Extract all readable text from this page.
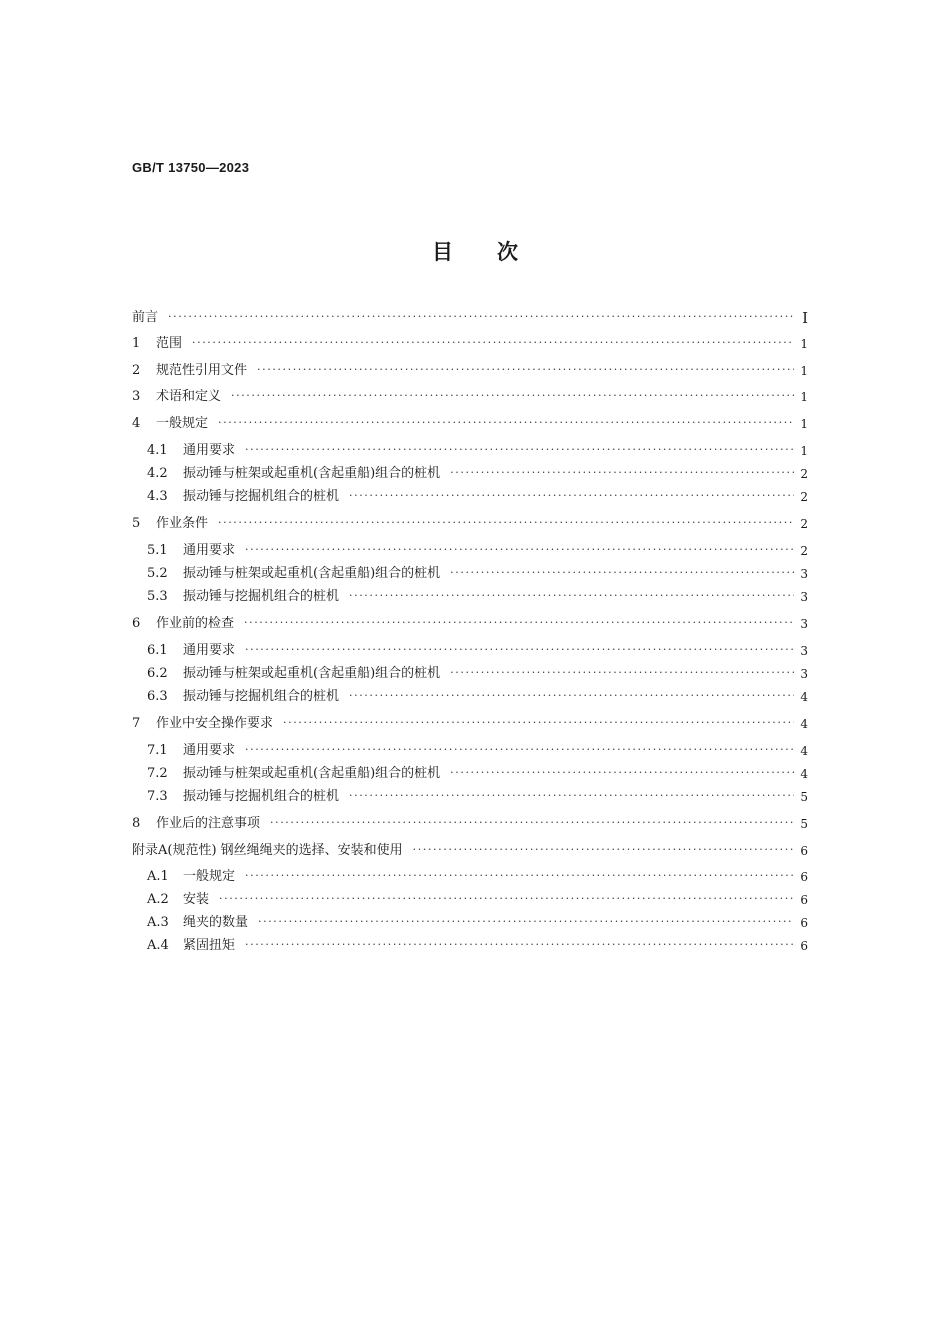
GB/T 13750—2023
目 次
前言 ·····	I
1	范围 ·····	1
2	规范性引用文件 ·····	1
3	术语和定义 ·····	1
4	一般规定 ·····	1
4.1	通用要求 ·····	1
4.2	振动锤与桩架或起重机(含起重船)组合的桩机 ·····	2
4.3	振动锤与挖掘机组合的桩机 ·····	2
5	作业条件 ·····	2
5.1	通用要求 ·····	2
5.2	振动锤与桩架或起重机(含起重船)组合的桩机 ·····	3
5.3	振动锤与挖掘机组合的桩机 ·····	3
6	作业前的检查 ·····	3
6.1	通用要求 ·····	3
6.2	振动锤与桩架或起重机(含起重船)组合的桩机 ·····	3
6.3	振动锤与挖掘机组合的桩机 ·····	4
7	作业中安全操作要求 ·····	4
7.1	通用要求 ·····	4
7.2	振动锤与桩架或起重机(含起重船)组合的桩机 ·····	4
7.3	振动锤与挖掘机组合的桩机 ·····	5
8	作业后的注意事项 ·····	5
附录A(规范性) 钢丝绳绳夹的选择、安装和使用 ·····	6
A.1	一般规定 ·····	6
A.2	安装 ·····	6
A.3	绳夹的数量 ·····	6
A.4	紧固扭矩 ·····	6
